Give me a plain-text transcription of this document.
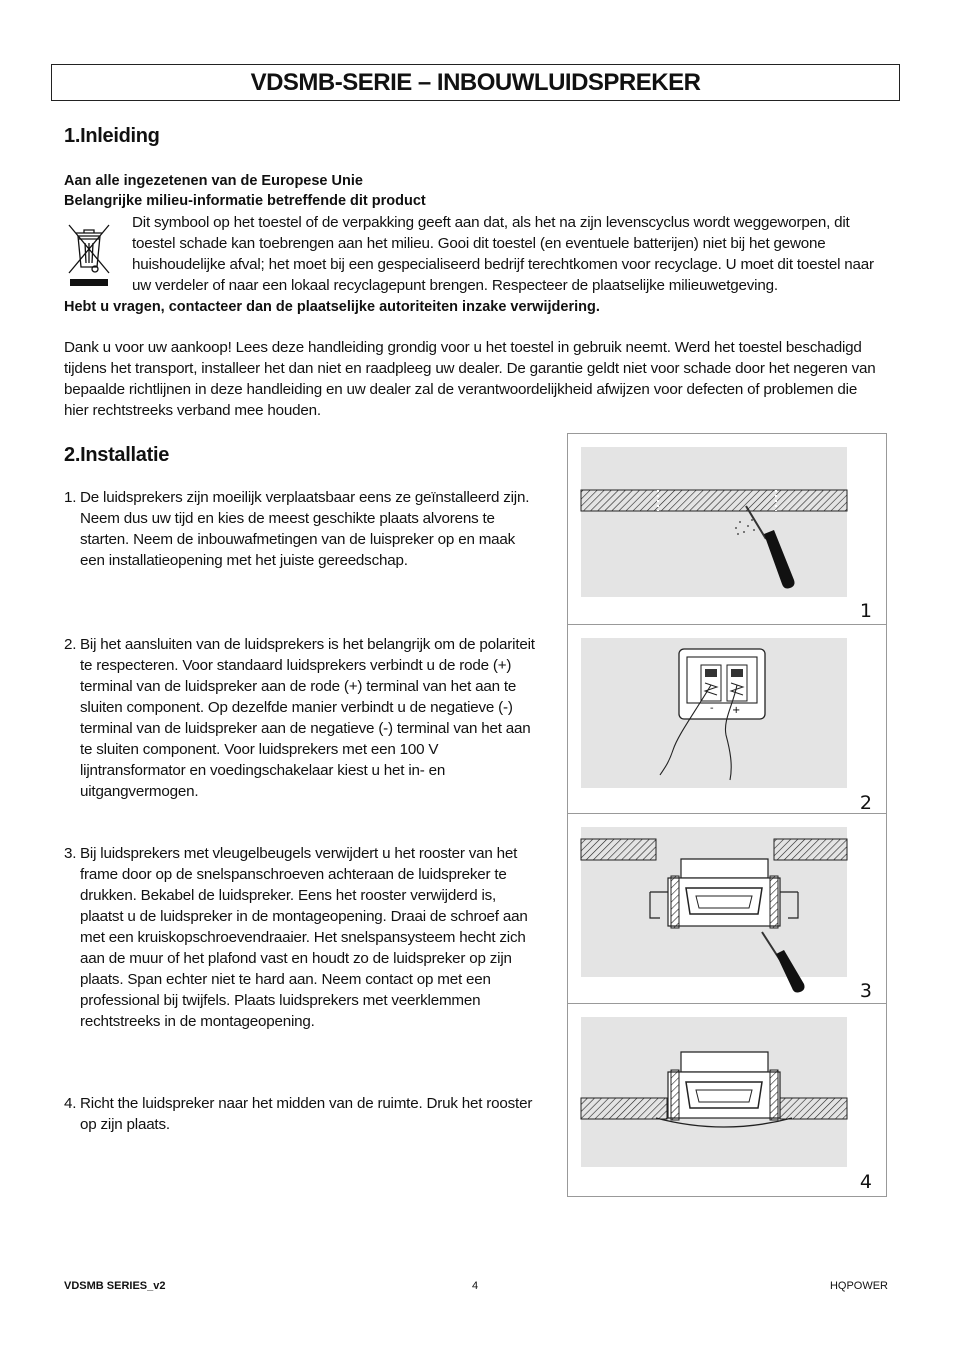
VDSMB-SERIE – INBOUWLUIDSPREKER
1.Inleiding
Aan alle ingezetenen van de Europese Unie
Belangrijke milieu-informatie betreffende dit product
Dit symbool op het toestel of de verpakking geeft aan dat, als het na zijn levenscyclus wordt weggeworpen, dit
toestel schade kan toebrengen aan het milieu. Gooi dit toestel (en eventuele batterijen) niet bij het gewone
huishoudelijke afval; het moet bij een gespecialiseerd bedrijf terechtkomen voor recyclage. U moet dit toestel naar
uw verdeler of naar een lokaal recyclagepunt brengen. Respecteer de plaatselijke milieuwetgeving.
Hebt u vragen, contacteer dan de plaatselijke autoriteiten inzake verwijdering.
Dank u voor uw aankoop! Lees deze handleiding grondig voor u het toestel in gebruik neemt. Werd het toestel beschadigd
tijdens het transport, installeer het dan niet en raadpleeg uw dealer. De garantie geldt niet voor schade door het negeren van
bepaalde richtlijnen in deze handleiding en uw dealer zal de verantwoordelijkheid afwijzen voor defecten of problemen die
hier rechtstreeks verband mee houden.
2.Installatie
1. De luidsprekers zijn moeilijk verplaatsbaar eens ze geïnstalleerd zijn.
Neem dus uw tijd en kies de meest geschikte plaats alvorens te
starten. Neem de inbouwafmetingen van de luispreker op en maak
een installatieopening met het juiste gereedschap.
2. Bij het aansluiten van de luidsprekers is het belangrijk om de polariteit
te respecteren. Voor standaard luidsprekers verbindt u de rode (+)
terminal van de luidspreker aan de rode (+) terminal van het aan te
sluiten component. Op dezelfde manier verbindt u de negatieve (-)
terminal van de luidspreker aan de negatieve (-) terminal van het aan
te sluiten component. Voor luidsprekers met een 100 V
lijntransformator en voedingschakelaar kiest u het in- en
uitgangvermogen.
3. Bij luidsprekers met vleugelbeugels verwijdert u het rooster van het
frame door op de snelspanschroeven achteraan de luidspreker te
drukken. Bekabel de luidspreker. Eens het rooster verwijderd is,
plaatst u de luidspreker in de montageopening. Draai de schroef aan
met een kruiskopschroevendraaier. Het snelspansysteem hecht zich
aan de muur of het plafond vast en houdt zo de luidspreker op zijn
plaats. Span echter niet te hard aan. Neem contact op met een
professional bij twijfels. Plaats luidsprekers met veerklemmen
rechtstreeks in de montageopening.
4. Richt the luidspreker naar het midden van de ruimte. Druk het rooster
op zijn plaats.
1
- +
2
3
4
VDSMB SERIES_v2	4	HQPOWER
